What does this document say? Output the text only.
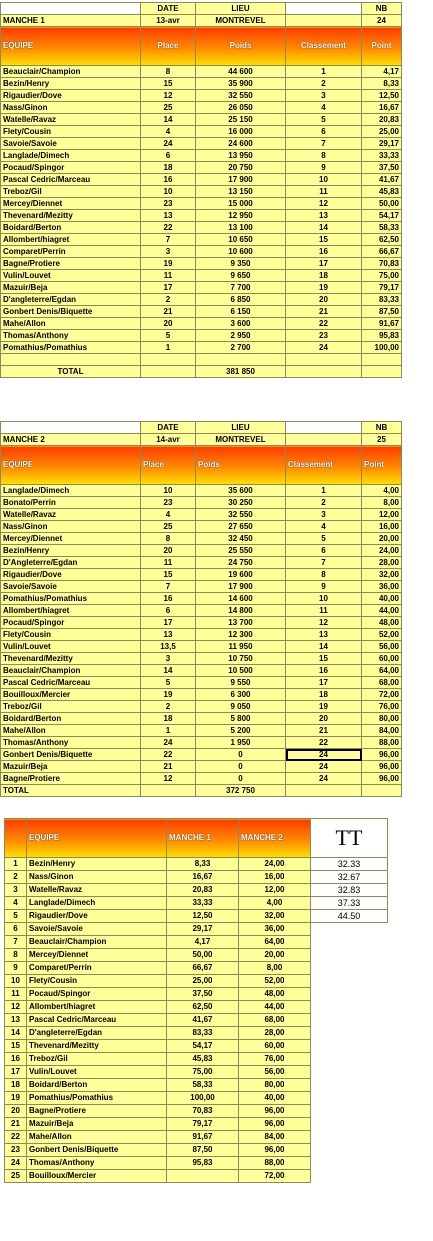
	DATE	LIEU		NB
MANCHE 1	13-avr	MONTREVEL		24
EQUIPE	Place	Poids	Classement	Point
Beauclair/Champion	8	44 600	1	4,17
Bezin/Henry	15	35 900	2	8,33
Rigaudier/Dove	12	32 550	3	12,50
Nass/Ginon	25	26 050	4	16,67
Watelle/Ravaz	14	25 150	5	20,83
Flety/Cousin	4	16 000	6	25,00
Savoie/Savoie	24	24 600	7	29,17
Langlade/Dimech	6	13 950	8	33,33
Pocaud/Spingor	18	20 750	9	37,50
Pascal Cedric/Marceau	16	17 900	10	41,67
Treboz/Gil	10	13 150	11	45,83
Mercey/Diennet	23	15 000	12	50,00
Thevenard/Mezitty	13	12 950	13	54,17
Boidard/Berton	22	13 100	14	58,33
Allombert/hiagret	7	10 650	15	62,50
Comparet/Perrin	3	10 600	16	66,67
Bagne/Protiere	19	9 350	17	70,83
Vulin/Louvet	11	9 650	18	75,00
Mazuir/Beja	17	7 700	19	79,17
D'angleterre/Egdan	2	6 850	20	83,33
Gonbert Denis/Biquette	21	6 150	21	87,50
Mahe/Allon	20	3 600	22	91,67
Thomas/Anthony	5	2 950	23	95,83
Pomathius/Pomathius	1	2 700	24	100,00

TOTAL		381 850		
	DATE	LIEU		NB
MANCHE 2	14-avr	MONTREVEL		25
EQUIPE	Place	Poids	Classement	Point
Langlade/Dimech	10	35 600	1	4,00
Bonato/Perrin	23	30 250	2	8,00
Watelle/Ravaz	4	32 550	3	12,00
Nass/Ginon	25	27 650	4	16,00
Mercey/Diennet	8	32 450	5	20,00
Bezin/Henry	20	25 550	6	24,00
D'Angleterre/Egdan	11	24 750	7	28,00
Rigaudier/Dove	15	19 600	8	32,00
Savoie/Savoie	7	17 900	9	36,00
Pomathius/Pomathius	16	14 600	10	40,00
Allombert/hiagret	6	14 800	11	44,00
Pocaud/Spingor	17	13 700	12	48,00
Flety/Cousin	13	12 300	13	52,00
Vulin/Louvet	13,5	11 950	14	56,00
Thevenard/Mezitty	3	10 750	15	60,00
Beauclair/Champion	14	10 500	16	64,00
Pascal Cedric/Marceau	5	9 550	17	68,00
Bouilloux/Mercier	19	6 300	18	72,00
Treboz/Gil	2	9 050	19	76,00
Boidard/Berton	18	5 800	20	80,00
Mahe/Allon	1	5 200	21	84,00
Thomas/Anthony	24	1 950	22	88,00
Gonbert Denis/Biquette	22	0	24	96,00
Mazuir/Beja	21	0	24	96,00
Bagne/Protiere	12	0	24	96,00
TOTAL		372 750		
	EQUIPE	MANCHE 1	MANCHE 2	TT
1	Bezin/Henry	8,33	24,00	32.33
2	Nass/Ginon	16,67	16,00	32.67
3	Watelle/Ravaz	20,83	12,00	32.83
4	Langlade/Dimech	33,33	4,00	37.33
5	Rigaudier/Dove	12,50	32,00	44.50
6	Savoie/Savoie	29,17	36,00	
7	Beauclair/Champion	4,17	64,00	
8	Mercey/Diennet	50,00	20,00	
9	Comparet/Perrin	66,67	8,00	
10	Flety/Cousin	25,00	52,00	
11	Pocaud/Spingor	37,50	48,00	
12	Allombert/hiagret	62,50	44,00	
13	Pascal Cedric/Marceau	41,67	68,00	
14	D'angleterre/Egdan	83,33	28,00	
15	Thevenard/Mezitty	54,17	60,00	
16	Treboz/Gil	45,83	76,00	
17	Vulin/Louvet	75,00	56,00	
18	Boidard/Berton	58,33	80,00	
19	Pomathius/Pomathius	100,00	40,00	
20	Bagne/Protiere	70,83	96,00	
21	Mazuir/Beja	79,17	96,00	
22	Mahe/Allon	91,67	84,00	
23	Gonbert Denis/Biquette	87,50	96,00	
24	Thomas/Anthony	95,83	88,00	
25	Bouilloux/Mercier		72,00	
